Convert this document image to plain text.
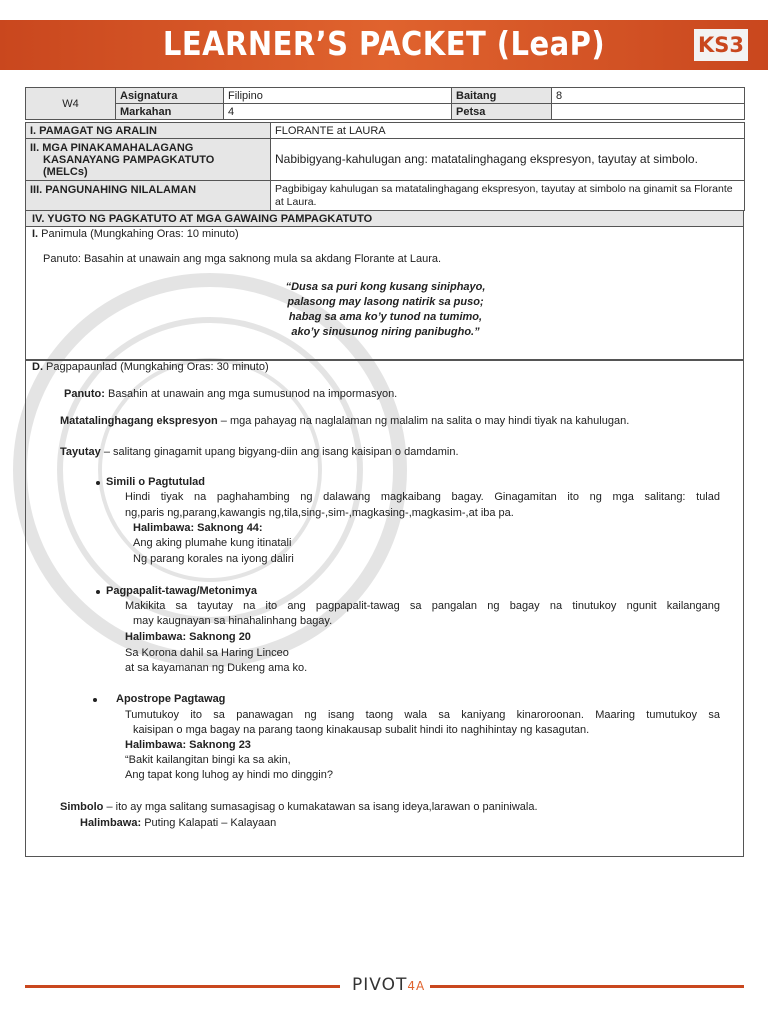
LEARNER’S PACKET (LeaP)	KS3
W4	Asignatura	Filipino	Baitang	8
	Markahan	4	Petsa	
I. PAMAGAT NG ARALIN	FLORANTE at LAURA

II. MGA PINAKAMAHALAGANG
KASANAYANG PAMPAGKATUTO
(MELCs)	Nabibigyang-kahulugan ang: matatalinghagang ekspresyon, tayutay at simbolo.
III. PANGUNAHING NILALAMAN	Pagbibigay kahulugan sa matatalinghagang ekspresyon, tayutay at simbolo na ginamit sa Florante at Laura.
IV. YUGTO NG PAGKATUTO AT MGA GAWAING PAMPAGKATUTO
I. Panimula (Mungkahing Oras: 10 minuto)
Panuto: Basahin at unawain ang mga saknong mula sa akdang Florante at Laura.
“Dusa sa puri kong kusang siniphayo,
palasong may lasong natirik sa puso;
habag sa ama ko’y tunod na tumimo,
ako’y sinusunog niring panibugho.”
D. Pagpapaunlad (Mungkahing Oras: 30 minuto)
Panuto: Basahin at unawain ang mga sumusunod na impormasyon.
Matatalinghagang ekspresyon – mga pahayag na naglalaman ng malalim na salita o may hindi tiyak na kahulugan.
Tayutay – salitang ginagamit upang bigyang-diin ang isang kaisipan o damdamin.
Simili o Pagtutulad
Hindi tiyak na paghahambing ng dalawang magkaibang bagay. Ginagamitan ito ng mga salitang: tulad
ng,paris ng,parang,kawangis ng,tila,sing-,sim-,magkasing-,magkasim-,at iba pa.
Halimbawa: Saknong 44:
Ang aking plumahe kung itinatali
Ng parang korales na iyong daliri
Pagpapalit-tawag/Metonimya
Makikita sa tayutay na ito ang pagpapalit-tawag sa pangalan ng bagay na tinutukoy ngunit kailangang
may kaugnayan sa hinahalinhang bagay.
Halimbawa: Saknong 20
Sa Korona dahil sa Haring Linceo
at sa kayamanan ng Dukeng ama ko.
Apostrope Pagtawag
Tumutukoy ito sa panawagan ng isang taong wala sa kaniyang kinaroroonan. Maaring tumutukoy sa
kaisipan o mga bagay na parang taong kinakausap subalit hindi ito naghihintay ng kasagutan.
Halimbawa: Saknong 23
“Bakit kailangitan bingi ka sa akin,
Ang tapat kong luhog ay hindi mo dinggin?
Simbolo – ito ay mga salitang sumasagisag o kumakatawan sa isang ideya,larawan o paniniwala.
Halimbawa: Puting Kalapati – Kalayaan
PIVOT4A
